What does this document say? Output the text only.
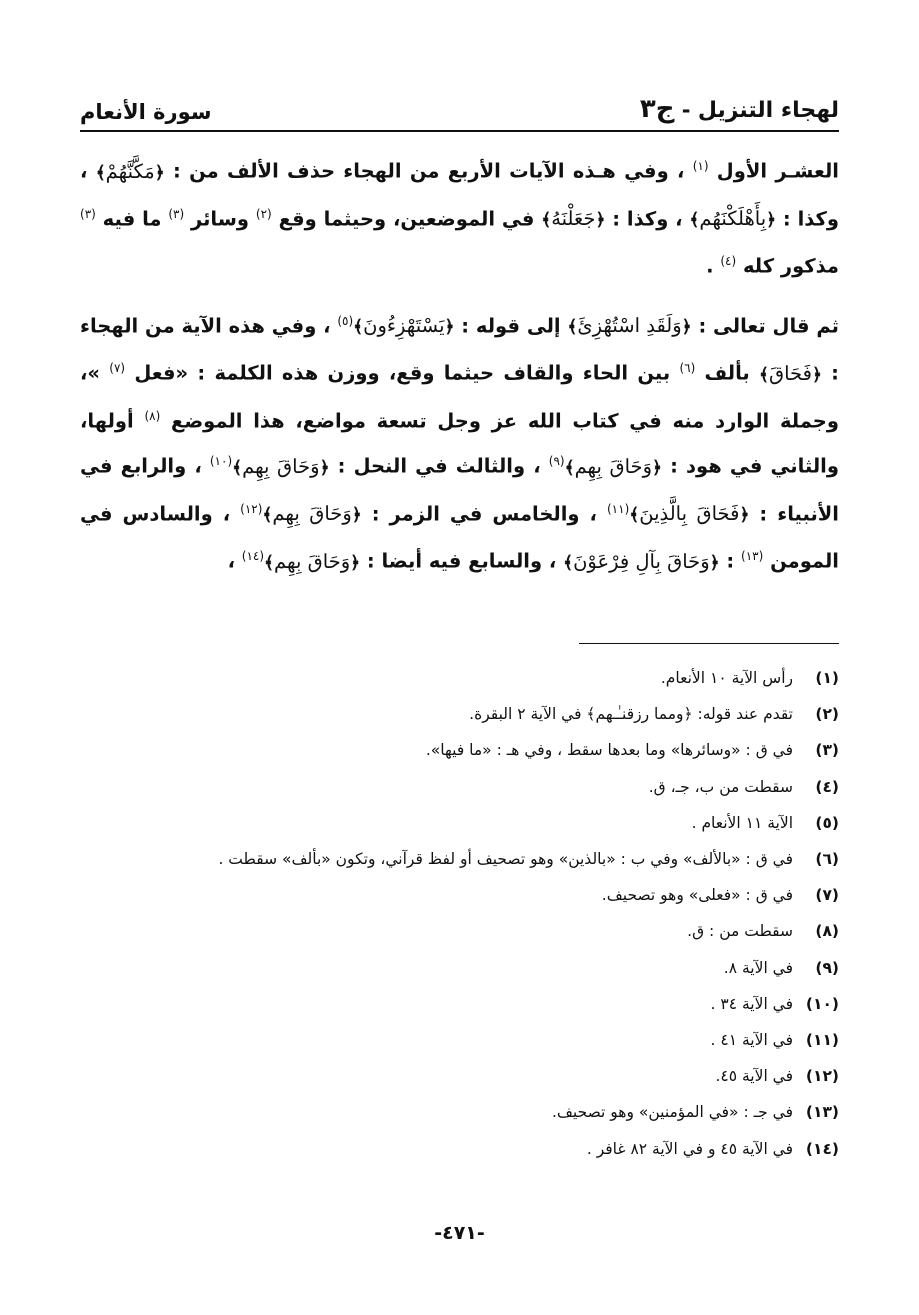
لهجاء التنزيل - ج٣
سورة الأنعام

العشـر الأول $^{(١)}$ ، وفي هـذه الآيات الأربع من الهجاء حذف الألف من : ﴿مَكَّنَّهُمْ﴾ ، وكذا : ﴿بِأَهْلَكْنَهُم﴾ ، وكذا : ﴿جَعَلْنَهُ﴾ في الموضعين، وحيثما وقع $^{(٢)}$ وسائر $^{(٣)}$ ما فيه $^{(٣)}$ مذكور كله $^{(٤)}$ .

ثم قال تعالى : ﴿وَلَقَدِ اسْتُهْزِئَ﴾ إلى قوله : ﴿يَسْتَهْزِءُونَ﴾$^{(٥)}$ ، وفي هذه الآية من الهجاء : ﴿فَحَاقَ﴾ بألف $^{(٦)}$ بين الحاء والقاف حيثما وقع، ووزن هذه الكلمة : «فعل $^{(٧)}$ »، وجملة الوارد منه في كتاب الله عز وجل تسعة مواضع، هذا الموضع $^{(٨)}$ أولها، والثاني في هود : ﴿وَحَاقَ بِهِم﴾$^{(٩)}$ ، والثالث في النحل : ﴿وَحَاقَ بِهِم﴾$^{(١٠)}$ ، والرابع في الأنبياء : ﴿فَحَاقَ بِالَّذِينَ﴾$^{(١١)}$ ، والخامس في الزمر : ﴿وَحَاقَ بِهِم﴾$^{(١٢)}$ ، والسادس في المومن $^{(١٣)}$ : ﴿وَحَاقَ بِآلِ فِرْعَوْنَ﴾ ، والسابع فيه أيضا : ﴿وَحَاقَ بِهِم﴾$^{(١٤)}$ ،

(١)رأس الآية ١٠ الأنعام.
(٢)تقدم عند قوله: ﴿ومما رزقنـٰـهم﴾ في الآية ٢ البقرة.
(٣)في ق : «وسائرها» وما بعدها سقط ، وفي هـ : «ما فيها».
(٤)سقطت من ب، جـ، ق.
(٥)الآية ١١ الأنعام .
(٦)في ق : «بالألف» وفي ب : «بالذين» وهو تصحيف أو لفظ قرآني، وتكون «بألف» سقطت .
(٧)في ق : «فعلى» وهو تصحيف.
(٨)سقطت من : ق.
(٩)في الآية ٨.
(١٠)في الآية ٣٤ .
(١١)في الآية ٤١ .
(١٢)في الآية ٤٥.
(١٣)في جـ : «في المؤمنين» وهو تصحيف.
(١٤)في الآية ٤٥ و في الآية ٨٢ غافر .
-٤٧١-
